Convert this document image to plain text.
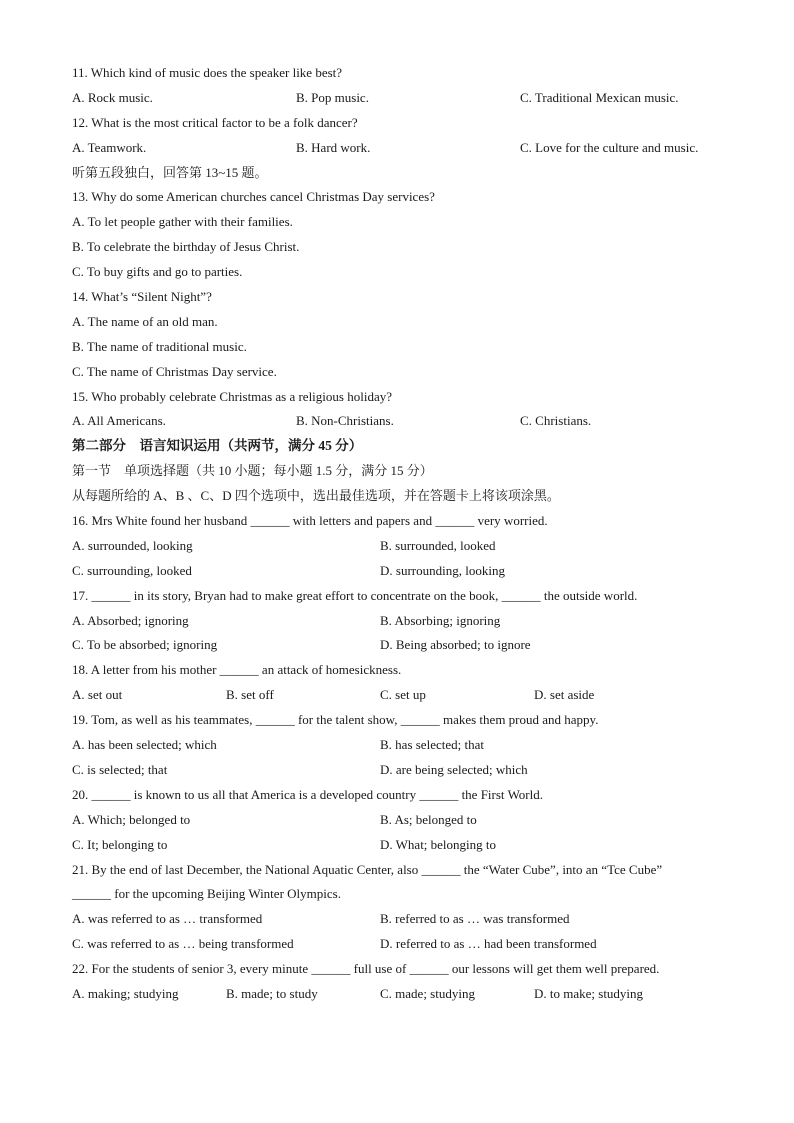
11. Which kind of music does the speaker like best?
A. Rock music.	B. Pop music.	C. Traditional Mexican music.
12. What is the most critical factor to be a folk dancer?
A. Teamwork.	B. Hard work.	C. Love for the culture and music.
听第五段独白，回答第 13~15 题。
13. Why do some American churches cancel Christmas Day services?
A. To let people gather with their families.
B. To celebrate the birthday of Jesus Christ.
C. To buy gifts and go to parties.
14. What’s “Silent Night”?
A. The name of an old man.
B. The name of traditional music.
C. The name of Christmas Day service.
15. Who probably celebrate Christmas as a religious holiday?
A. All Americans.	B. Non-Christians.	C. Christians.
第二部分　语言知识运用（共两节，满分 45 分）
第一节　单项选择题（共 10 小题；每小题 1.5 分，满分 15 分）
从每题所给的 A、B 、C、D 四个选项中，选出最佳选项，并在答题卡上将该项涂黑。
16. Mrs White found her husband ______ with letters and papers and ______ very worried.
A. surrounded, looking	B. surrounded, looked
C. surrounding, looked	D. surrounding, looking
17. ______ in its story, Bryan had to make great effort to concentrate on the book, ______ the outside world.
A. Absorbed; ignoring	B. Absorbing; ignoring
C. To be absorbed; ignoring	D. Being absorbed; to ignore
18. A letter from his mother ______ an attack of homesickness.
A. set out	B. set off	C. set up	D. set aside
19. Tom, as well as his teammates, ______ for the talent show, ______ makes them proud and happy.
A. has been selected; which	B. has selected; that
C. is selected; that	D. are being selected; which
20. ______ is known to us all that America is a developed country ______ the First World.
A. Which; belonged to	B. As; belonged to
C. It; belonging to	D. What; belonging to
21. By the end of last December, the National Aquatic Center, also ______ the “Water Cube”, into an “Tce Cube”
______ for the upcoming Beijing Winter Olympics.
A. was referred to as … transformed	B. referred to as … was transformed
C. was referred to as … being transformed	D. referred to as … had been transformed
22. For the students of senior 3, every minute ______ full use of ______ our lessons will get them well prepared.
A. making; studying	B. made; to study	C. made; studying	D. to make; studying
